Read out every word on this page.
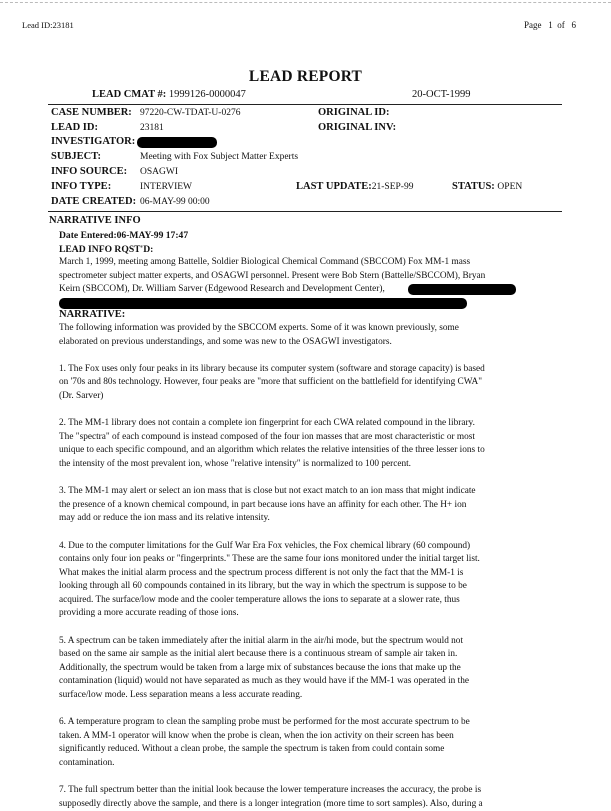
Lead ID:23181	Page 1 of 6
LEAD REPORT
LEAD CMAT #: 1999126-0000047	20-OCT-1999
CASE NUMBER: 97220-CW-TDAT-U-0276	ORIGINAL ID:
LEAD ID:	23181	ORIGINAL INV:
INVESTIGATOR:
SUBJECT:	Meeting with Fox Subject Matter Experts
INFO SOURCE: OSAGWI
INFO TYPE:	INTERVIEW	LAST UPDATE:21-SEP-99	STATUS: OPEN
DATE CREATED: 06-MAY-99 00:00
NARRATIVE INFO
Date Entered:06-MAY-99 17:47
LEAD INFO RQST'D:

March 1, 1999, meeting among Battelle, Soldier Biological Chemical Command (SBCCOM) Fox MM-1 mass

spectrometer subject matter experts, and OSAGWI personnel. Present were Bob Stern (Battelle/SBCCOM), Bryan

Keirn (SBCCOM), Dr. William Sarver (Edgewood Research and Development Center),

NARRATIVE:

The following information was provided by the SBCCOM experts. Some of it was known previously, some

elaborated on previous understandings, and some was new to the OSAGWI investigators.

1. The Fox uses only four peaks in its library because its computer system (software and storage capacity) is based

on '70s and 80s technology. However, four peaks are "more that sufficient on the battlefield for identifying CWA"

(Dr. Sarver)

2. The MM-1 library does not contain a complete ion fingerprint for each CWA related compound in the library.

The "spectra" of each compound is instead composed of the four ion masses that are most characteristic or most

unique to each specific compound, and an algorithm which relates the relative intensities of the three lesser ions to

the intensity of the most prevalent ion, whose "relative intensity" is normalized to 100 percent.

3. The MM-1 may alert or select an ion mass that is close but not exact match to an ion mass that might indicate

the presence of a known chemical compound, in part because ions have an affinity for each other. The H+ ion

may add or reduce the ion mass and its relative intensity.

4. Due to the computer limitations for the Gulf War Era Fox vehicles, the Fox chemical library (60 compound)

contains only four ion peaks or "fingerprints." These are the same four ions monitored under the initial target list.

What makes the initial alarm process and the spectrum process different is not only the fact that the MM-1 is

looking through all 60 compounds contained in its library, but the way in which the spectrum is suppose to be

acquired. The surface/low mode and the cooler temperature allows the ions to separate at a slower rate, thus

providing a more accurate reading of those ions.

5. A spectrum can be taken immediately after the initial alarm in the air/hi mode, but the spectrum would not

based on the same air sample as the initial alert because there is a continuous stream of sample air taken in.

Additionally, the spectrum would be taken from a large mix of substances because the ions that make up the

contamination (liquid) would not have separated as much as they would have if the MM-1 was operated in the

surface/low mode. Less separation means a less accurate reading.

6. A temperature program to clean the sampling probe must be performed for the most accurate spectrum to be

taken. A MM-1 operator will know when the probe is clean, when the ion activity on their screen has been

significantly reduced. Without a clean probe, the sample the spectrum is taken from could contain some

contamination.

7. The full spectrum better than the initial look because the lower temperature increases the accuracy, the probe is

supposedly directly above the sample, and there is a longer integration (more time to sort samples). Also, during a
